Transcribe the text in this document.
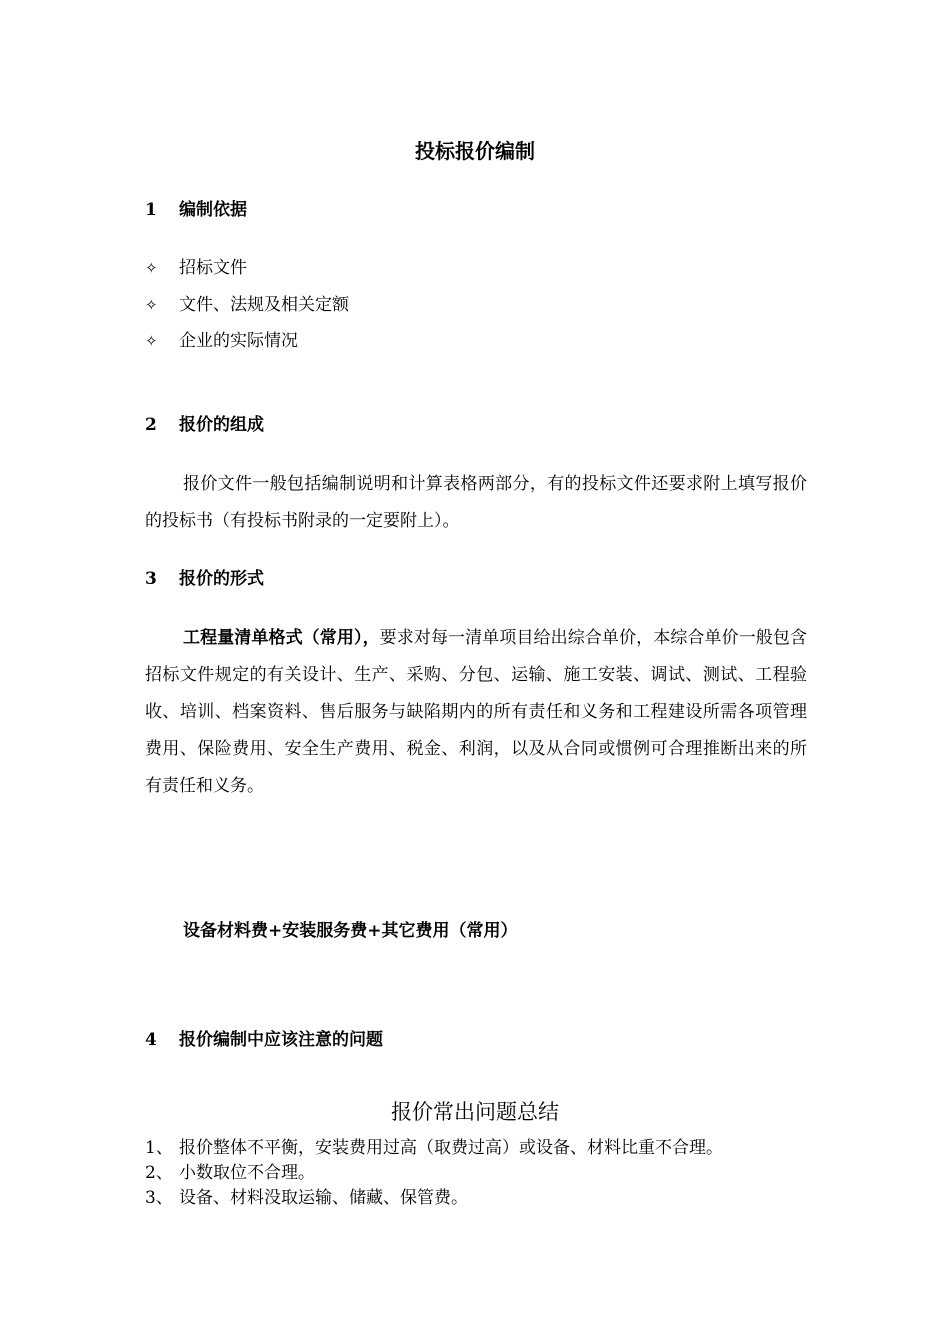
投标报价编制
1 编制依据
✧ 招标文件
✧ 文件、法规及相关定额
✧ 企业的实际情况
2 报价的组成
报价文件一般包括编制说明和计算表格两部分，有的投标文件还要求附上填写报价的投标书（有投标书附录的一定要附上）。
3 报价的形式
工程量清单格式（常用），要求对每一清单项目给出综合单价，本综合单价一般包含招标文件规定的有关设计、生产、采购、分包、运输、施工安装、调试、测试、工程验收、培训、档案资料、售后服务与缺陷期内的所有责任和义务和工程建设所需各项管理费用、保险费用、安全生产费用、税金、利润，以及从合同或惯例可合理推断出来的所有责任和义务。
设备材料费+安装服务费+其它费用（常用）
4 报价编制中应该注意的问题
报价常出问题总结
1、 报价整体不平衡，安装费用过高（取费过高）或设备、材料比重不合理。
2、 小数取位不合理。
3、 设备、材料没取运输、储藏、保管费。
